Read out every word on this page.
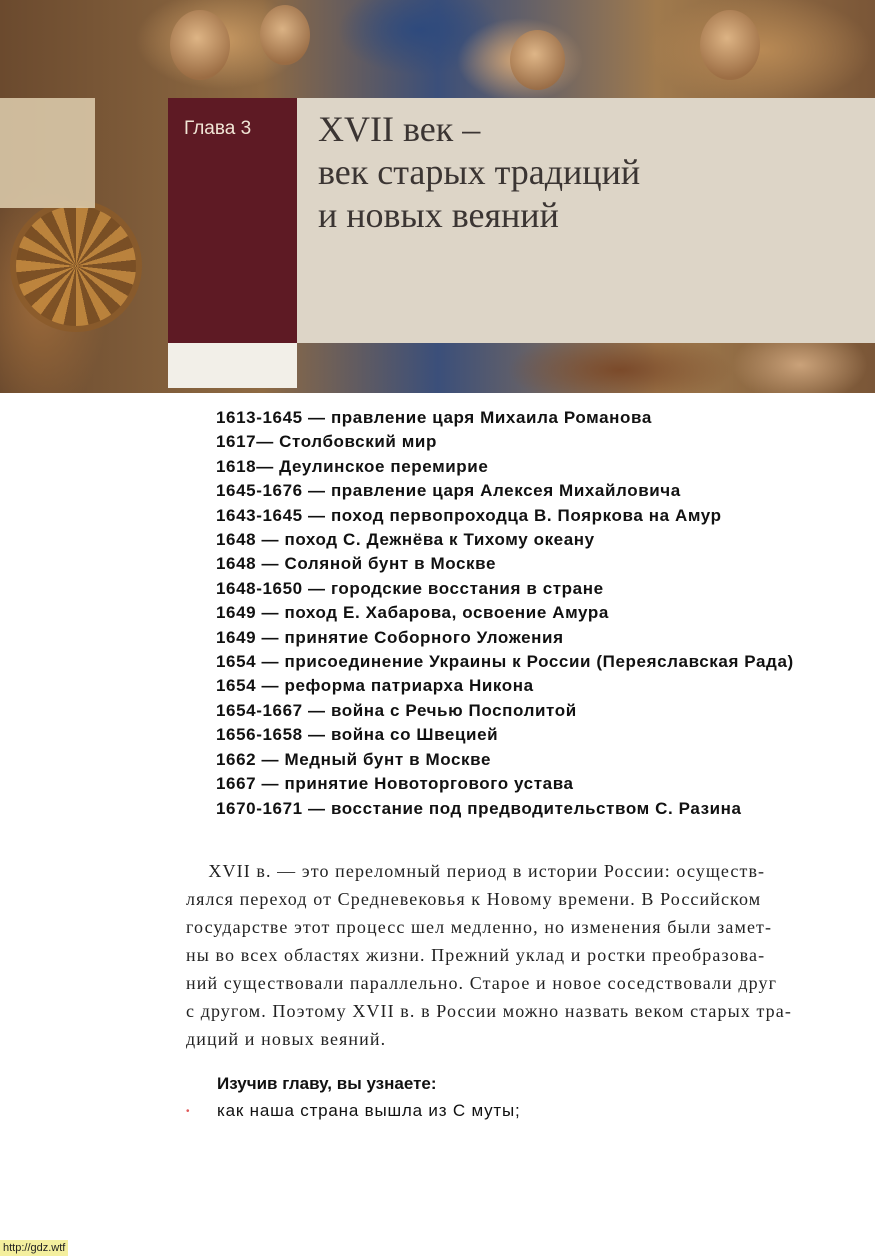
Глава 3 XVII век –
век старых традиций
и новых веяний
1613-1645 — правление царя Михаила Романова
1617— Столбовский мир
1618— Деулинское перемирие
1645-1676 — правление царя Алексея Михайловича
1643-1645 — поход первопроходца В. Пояркова на Амур
1648 — поход С. Дежнёва к Тихому океану
1648 — Соляной бунт в Москве
1648-1650 — городские восстания в стране
1649 — поход Е. Хабарова, освоение Амура
1649 — принятие Соборного Уложения
1654 — присоединение Украины к России (Переяславская Рада)
1654 — реформа патриарха Никона
1654-1667 — война с Речью Посполитой
1656-1658 — война со Швецией
1662 — Медный бунт в Москве
1667 — принятие Новоторгового устава
1670-1671 — восстание под предводительством С. Разина
XVII в. — это переломный период в истории России: осуществ-
лялся переход от Средневековья к Новому времени. В Российском
государстве этот процесс шел медленно, но изменения были замет-
ны во всех областях жизни. Прежний уклад и ростки преобразова-
ний существовали параллельно. Старое и новое соседствовали друг
с другом. Поэтому XVII в. в России можно назвать веком старых тра-
диций и новых веяний.
Изучив главу, вы узнаете:
• как наша страна вышла из С муты;
http://gdz.wtf
